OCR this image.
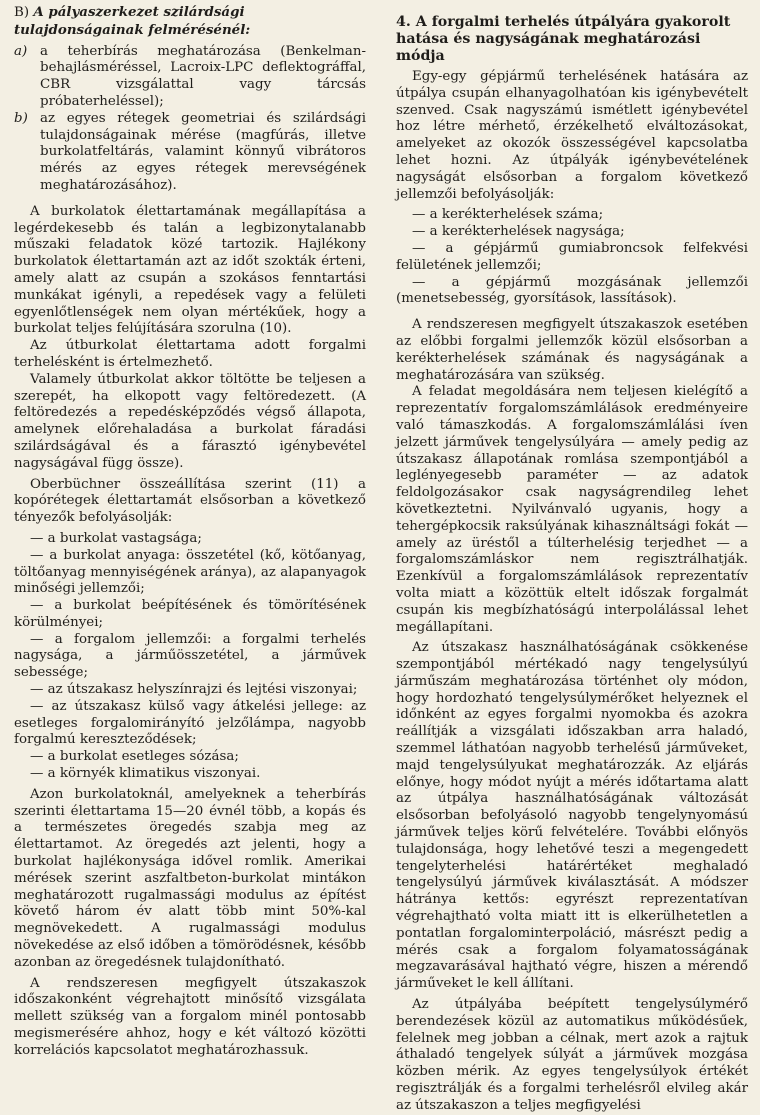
B) A pályaszerkezet szilárdsági tulajdonságainak felmérésénél:

a) a teherbírás meghatározása (Benkelman-behajlásméréssel, Lacroix-LPC deflektográffal, CBR vizsgálattal vagy tárcsás próbaterheléssel);
b) az egyes rétegek geometriai és szilárdsági tulajdonságainak mérése (magfúrás, illetve burkolatfeltárás, valamint könnyű vibrátoros mérés az egyes rétegek merevségének meghatározásához).

A burkolatok élettartamának megállapítása a legérdekesebb és talán a legbizonytalanabb műszaki feladatok közé tartozik. Hajlékony burkolatok élettartamán azt az időt szokták érteni, amely alatt az csupán a szokásos fenntartási munkákat igényli, a repedések vagy a felületi egyenlőtlenségek nem olyan mértékűek, hogy a burkolat teljes felújítására szorulna (10).

Az útburkolat élettartama adott forgalmi terhelésként is értelmezhető.

Valamely útburkolat akkor töltötte be teljesen a szerepét, ha elkopott vagy feltöredezett. (A feltöredezés a repedésképződés végső állapota, amelynek előrehaladása a burkolat fáradási szilárdságával és a fárasztó igénybevétel nagyságával függ össze).

Oberbüchner összeállítása szerint (11) a kopórétegek élettartamát elsősorban a következő tényezők befolyásolják:

— a burkolat vastagsága;

— a burkolat anyaga: összetétel (kő, kötőanyag, töltőanyag mennyiségének aránya), az alapanyagok minőségi jellemzői;

— a burkolat beépítésének és tömörítésének körülményei;

— a forgalom jellemzői: a forgalmi terhelés nagysága, a járműösszetétel, a járművek sebessége;

— az útszakasz helyszínrajzi és lejtési viszonyai;

— az útszakasz külső vagy átkelési jellege: az esetleges forgalomirányító jelzőlámpa, nagyobb forgalmú kereszteződések;

— a burkolat esetleges sózása;

— a környék klimatikus viszonyai.

Azon burkolatoknál, amelyeknek a teherbírás szerinti élettartama 15—20 évnél több, a kopás és a természetes öregedés szabja meg az élettartamot. Az öregedés azt jelenti, hogy a burkolat hajlékonysága idővel romlik. Amerikai mérések szerint aszfaltbeton-burkolat mintákon meghatározott rugalmassági modulus az építést követő három év alatt több mint 50%-kal megnövekedett. A rugalmassági modulus növekedése az első időben a tömörödésnek, később azonban az öregedésnek tulajdonítható.

A rendszeresen megfigyelt útszakaszok időszakonként végrehajtott minősítő vizsgálata mellett szükség van a forgalom minél pontosabb megismerésére ahhoz, hogy e két változó közötti korrelációs kapcsolatot meghatározhassuk.

4. A forgalmi terhelés útpályára gyakorolt hatása és nagyságának meghatározási módja

Egy-egy gépjármű terhelésének hatására az útpálya csupán elhanyagolhatóan kis igénybevételt szenved. Csak nagyszámú ismétlett igénybevétel hoz létre mérhető, érzékelhető elváltozásokat, amelyeket az okozók összességével kapcsolatba lehet hozni. Az útpályák igénybevételének nagyságát elsősorban a forgalom következő jellemzői befolyásolják:

— a kerékterhelések száma;

— a kerékterhelések nagysága;

— a gépjármű gumiabroncsok felfekvési felületének jellemzői;

— a gépjármű mozgásának jellemzői (menetsebesség, gyorsítások, lassítások).

A rendszeresen megfigyelt útszakaszok esetében az előbbi forgalmi jellemzők közül elsősorban a kerékterhelések számának és nagyságának a meghatározására van szükség.

A feladat megoldására nem teljesen kielégítő a reprezentatív forgalomszámlálások eredményeire való támaszkodás. A forgalomszámlálási íven jelzett járművek tengelysúlyára — amely pedig az útszakasz állapotának romlása szempontjából a leglényegesebb paraméter — az adatok feldolgozásakor csak nagyságrendileg lehet következtetni. Nyilvánvaló ugyanis, hogy a tehergépkocsik raksúlyának kihasználtsági fokát — amely az üréstől a túlterhelésig terjedhet — a forgalomszámláskor nem regisztrálhatják. Ezenkívül a forgalomszámlálások reprezentatív volta miatt a közöttük eltelt időszak forgalmát csupán kis megbízhatóságú interpolálással lehet megállapítani.

Az útszakasz használhatóságának csökkenése szempontjából mértékadó nagy tengelysúlyú járműszám meghatározása történhet oly módon, hogy hordozható tengelysúlymérőket helyeznek el időnként az egyes forgalmi nyomokba és azokra reállítják a vizsgálati időszakban arra haladó, szemmel láthatóan nagyobb terhelésű járműveket, majd tengelysúlyukat meghatározzák. Az eljárás előnye, hogy módot nyújt a mérés időtartama alatt az útpálya használhatóságának változását elsősorban befolyásoló nagyobb tengelynyomású járművek teljes körű felvételére. További előnyös tulajdonsága, hogy lehetővé teszi a megengedett tengelyterhelési határértéket meghaladó tengelysúlyú járművek kiválasztását. A módszer hátránya kettős: egyrészt reprezentatívan végrehajtható volta miatt itt is elkerülhetetlen a pontatlan forgalominterpoláció, másrészt pedig a mérés csak a forgalom folyamatosságának megzavarásával hajtható végre, hiszen a mérendő járműveket le kell állítani.

Az útpályába beépített tengelysúlymérő berendezések közül az automatikus működésűek, felelnek meg jobban a célnak, mert azok a rajtuk áthaladó tengelyek súlyát a járművek mozgása közben mérik. Az egyes tengelysúlyok értékét regisztrálják és a forgalmi terhelésről elvileg akár az útszakaszon a teljes megfigyelési
